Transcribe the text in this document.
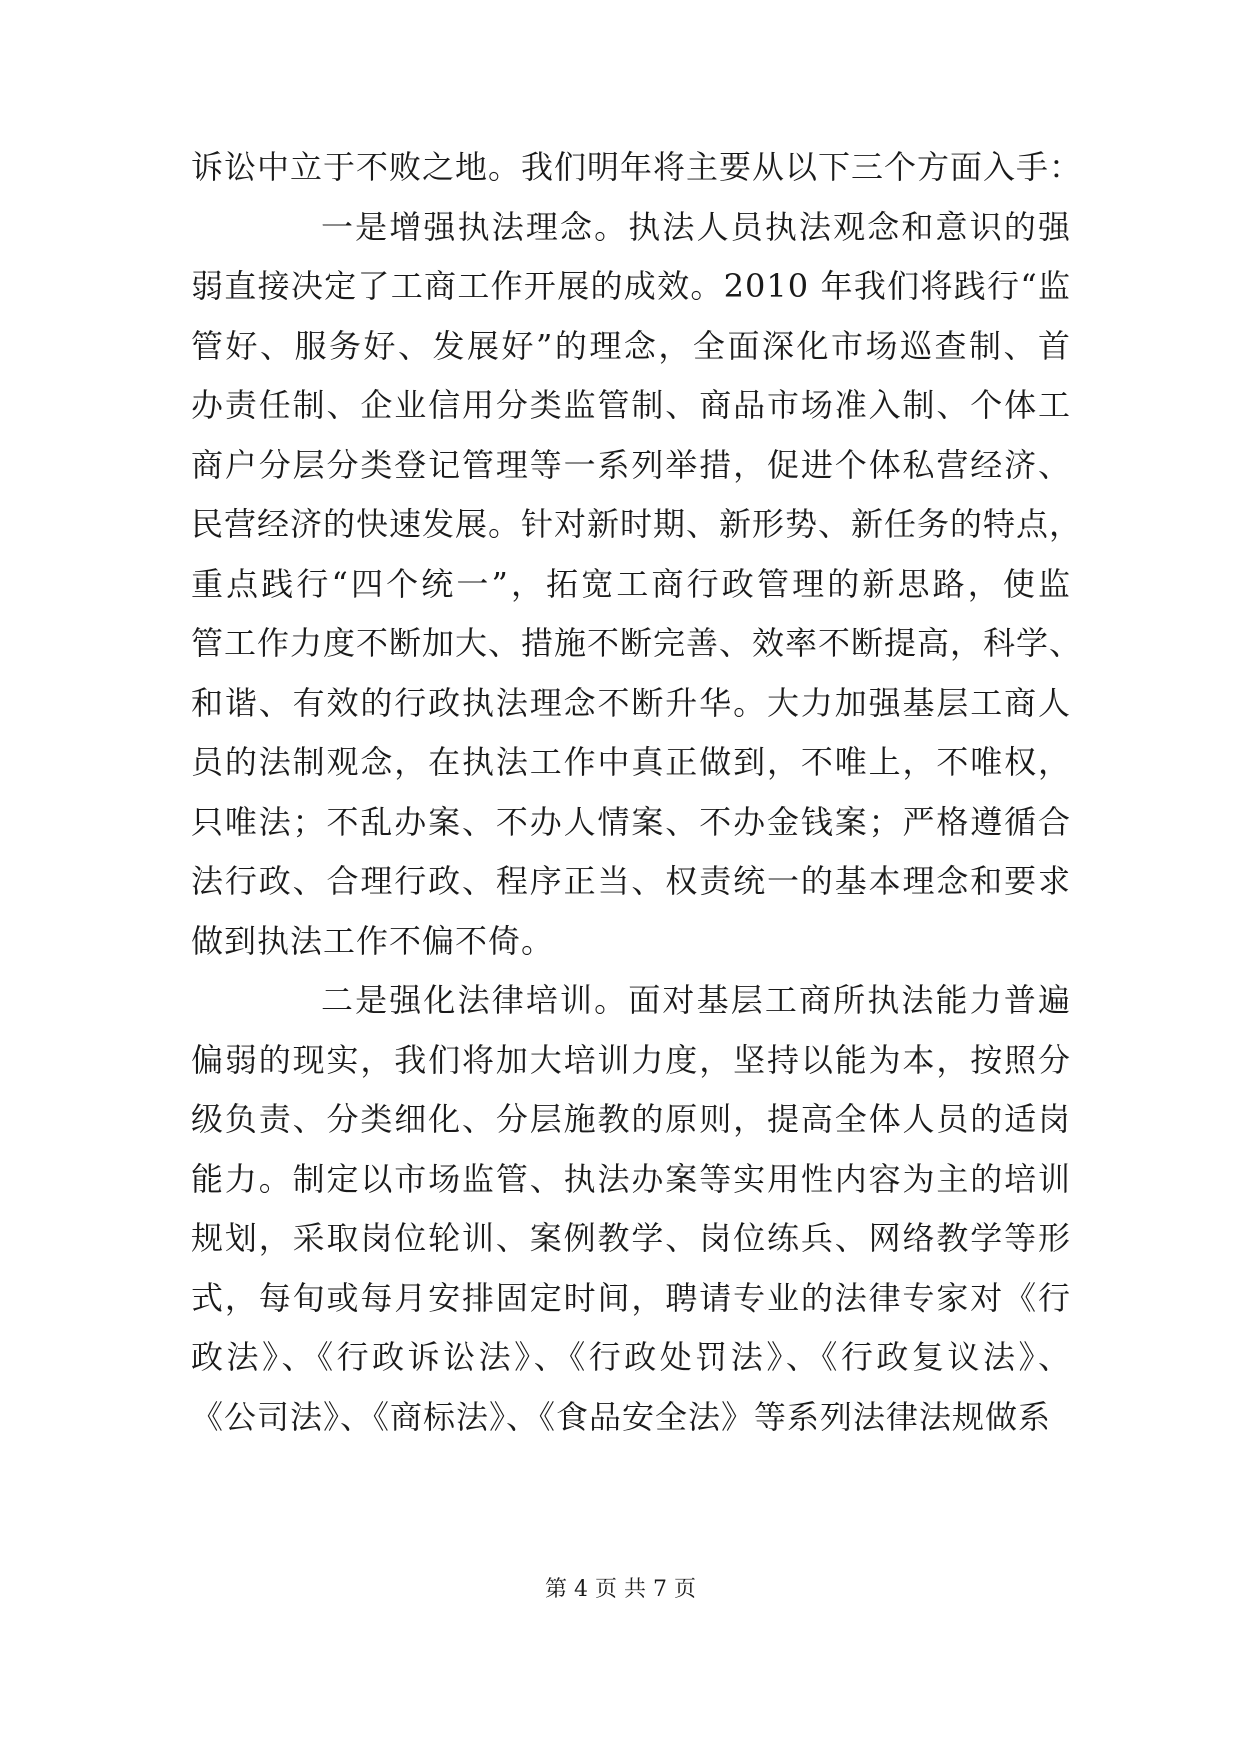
诉讼中立于不败之地。我们明年将主要从以下三个方面入手：
一是增强执法理念。执法人员执法观念和意识的强
弱直接决定了工商工作开展的成效。2010 年我们将践行“监
管好、服务好、发展好”的理念，全面深化市场巡查制、首
办责任制、企业信用分类监管制、商品市场准入制、个体工
商户分层分类登记管理等一系列举措，促进个体私营经济、
民营经济的快速发展。针对新时期、新形势、新任务的特点，
重点践行“四个统一”，拓宽工商行政管理的新思路，使监
管工作力度不断加大、措施不断完善、效率不断提高，科学、
和谐、有效的行政执法理念不断升华。大力加强基层工商人
员的法制观念，在执法工作中真正做到，不唯上，不唯权，
只唯法；不乱办案、不办人情案、不办金钱案；严格遵循合
法行政、合理行政、程序正当、权责统一的基本理念和要求
做到执法工作不偏不倚。
二是强化法律培训。面对基层工商所执法能力普遍
偏弱的现实，我们将加大培训力度，坚持以能为本，按照分
级负责、分类细化、分层施教的原则，提高全体人员的适岗
能力。制定以市场监管、执法办案等实用性内容为主的培训
规划，采取岗位轮训、案例教学、岗位练兵、网络教学等形
式，每旬或每月安排固定时间，聘请专业的法律专家对《行
政法》、《行政诉讼法》、《行政处罚法》、《行政复议法》、
《公司法》、《商标法》、《食品安全法》等系列法律法规做系
第 4 页 共 7 页
